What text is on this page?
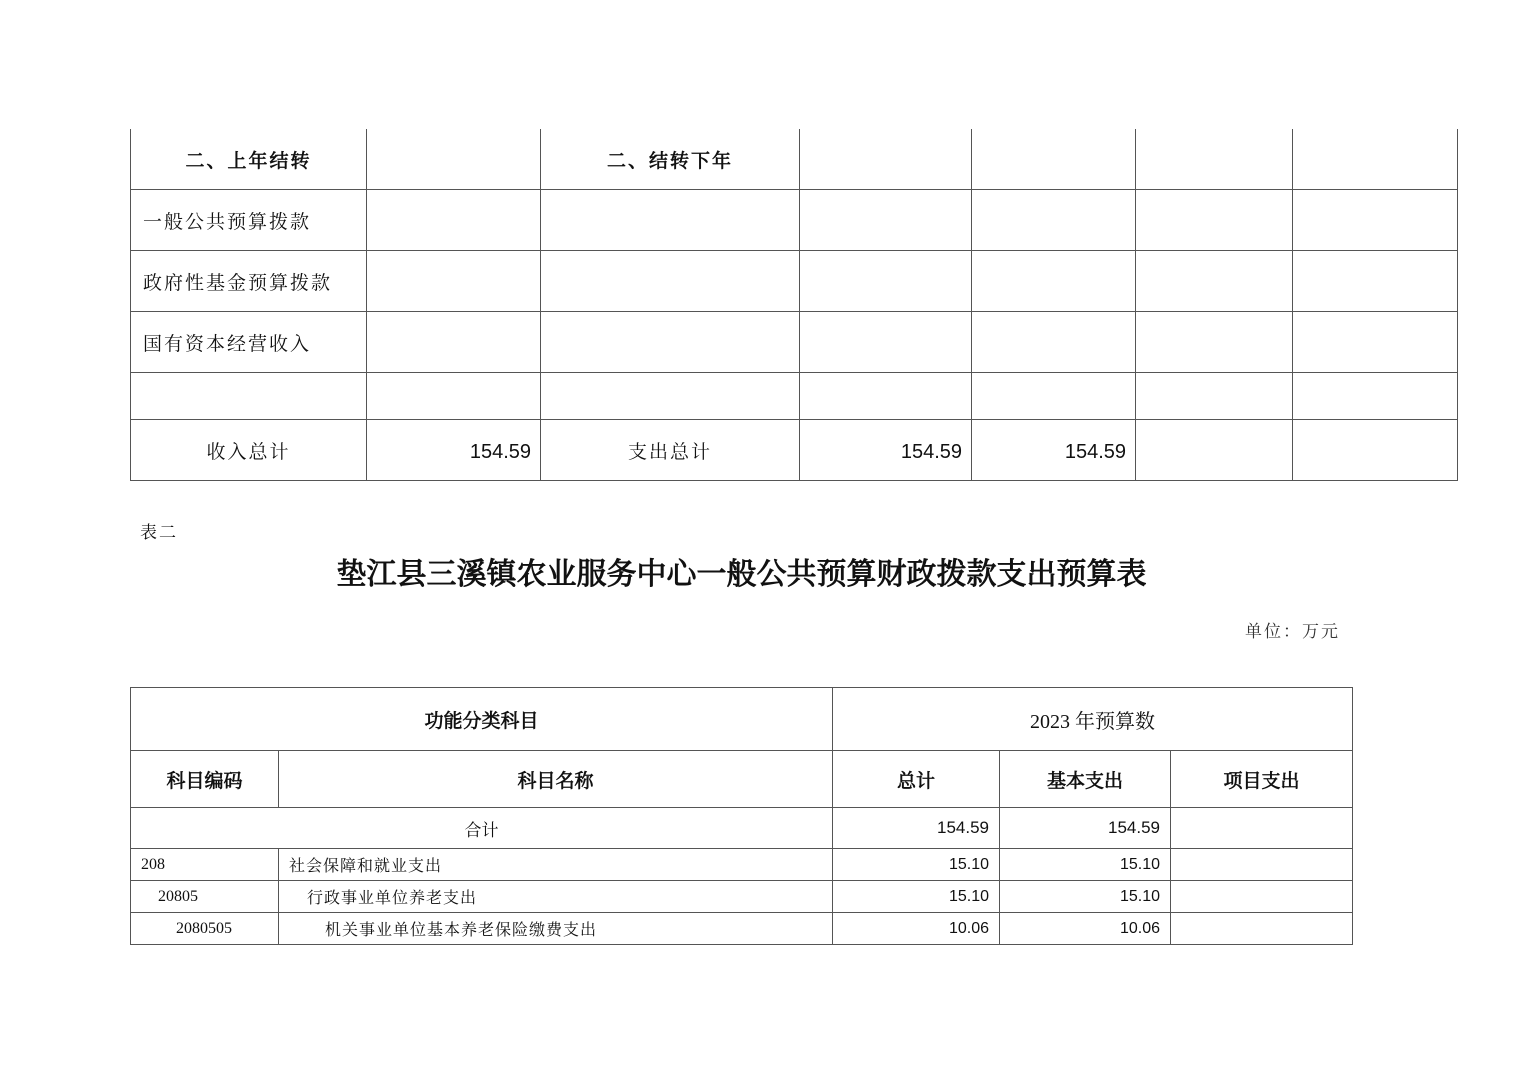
二、上年结转		二、结转下年				
一般公共预算拨款						
政府性基金预算拨款						
国有资本经营收入						

收入总计	154.59	支出总计	154.59	154.59		
表二
垫江县三溪镇农业服务中心一般公共预算财政拨款支出预算表
单位：万元
功能分类科目		2023 年预算数		
科目编码	科目名称	总计	基本支出	项目支出
合计		154.59	154.59	
208	社会保障和就业支出	15.10	15.10	
20805	行政事业单位养老支出	15.10	15.10	
2080505	机关事业单位基本养老保险缴费支出	10.06	10.06	
